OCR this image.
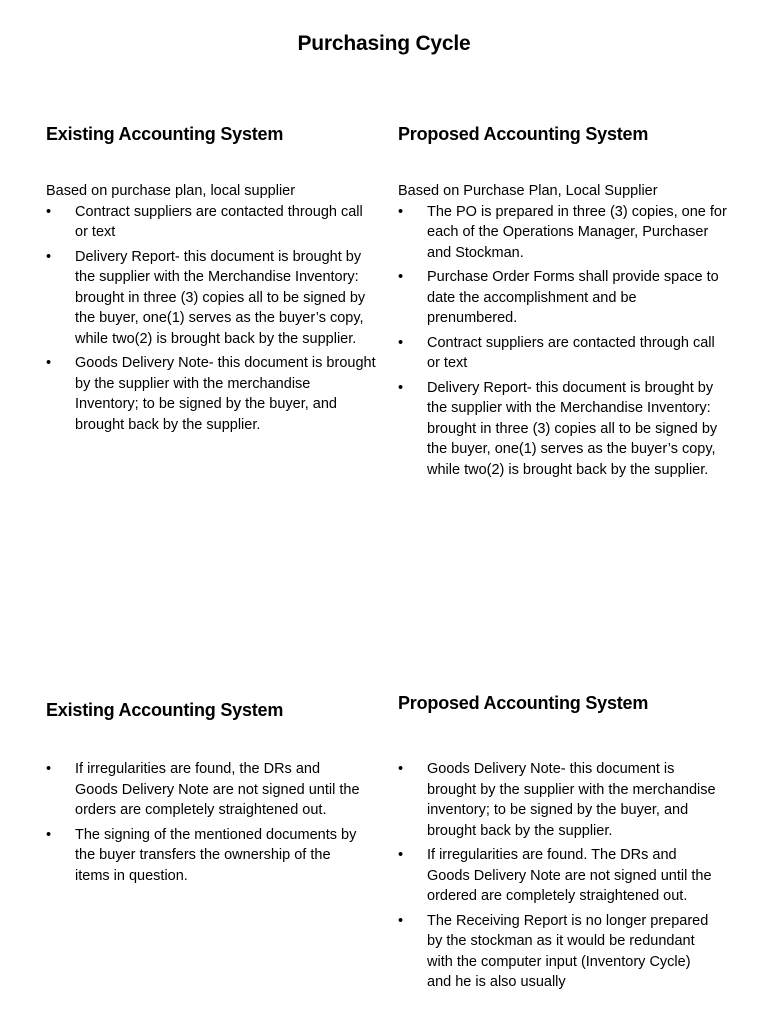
Purchasing Cycle
Existing Accounting System

Based on purchase plan, local supplier

•	Contract suppliers are contacted through call or text
•	Delivery Report- this document is brought by the supplier with the Merchandise Inventory: brought in three (3) copies all to be signed by the buyer, one(1) serves as the buyer’s copy, while two(2) is brought back by the supplier.
•	Goods Delivery Note- this document is brought by the supplier with the merchandise Inventory; to be signed by the buyer, and brought back by the supplier.
Proposed Accounting System

Based on Purchase Plan, Local Supplier

•	The PO is prepared in three (3) copies, one for each of the Operations Manager, Purchaser and Stockman.
•	Purchase Order Forms shall provide space to date the accomplishment and be prenumbered.
•	Contract suppliers are contacted through call or text
•	Delivery Report- this document is brought by the supplier with the Merchandise Inventory: brought in three (3) copies all to be signed by the buyer, one(1) serves as the buyer’s copy, while two(2) is brought back by the supplier.
Existing Accounting System
•	If irregularities are found, the DRs and Goods Delivery Note are not signed until the orders are completely straightened out.
•	The signing of the mentioned documents by the buyer transfers the ownership of the items in question.
Proposed Accounting System
•	Goods Delivery Note- this document is brought by the supplier with the merchandise inventory; to be signed by the buyer, and brought back by the supplier.
•	If irregularities are found. The DRs and Goods Delivery Note are not signed until the ordered are completely straightened out.
•	The Receiving Report is no longer prepared by the stockman as it would be redundant with the computer input (Inventory Cycle) and he is also usually
